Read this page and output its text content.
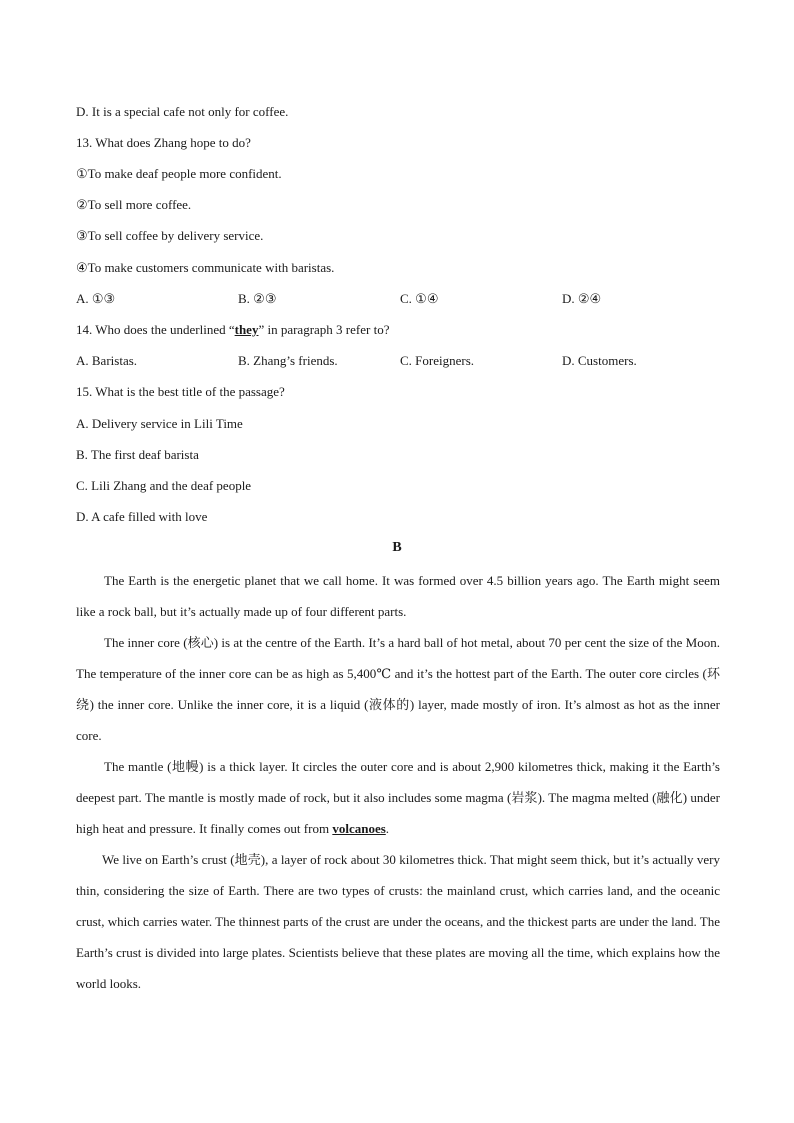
D. It is a special cafe not only for coffee.
13. What does Zhang hope to do?
①To make deaf people more confident.
②To sell more coffee.
③To sell coffee by delivery service.
④To make customers communicate with baristas.
A. ①③	B. ②③	C. ①④	D. ②④
14. Who does the underlined “they” in paragraph 3 refer to?
A. Baristas.	B. Zhang’s friends.	C. Foreigners.	D. Customers.
15. What is the best title of the passage?
A. Delivery service in Lili Time
B. The first deaf barista
C. Lili Zhang and the deaf people
D. A cafe filled with love
B

The Earth is the energetic planet that we call home. It was formed over 4.5 billion years ago. The Earth might seem like a rock ball, but it’s actually made up of four different parts.

The inner core (核心) is at the centre of the Earth. It’s a hard ball of hot metal, about 70 per cent the size of the Moon. The temperature of the inner core can be as high as 5,400℃ and it’s the hottest part of the Earth. The outer core circles (环绕) the inner core. Unlike the inner core, it is a liquid (液体的) layer, made mostly of iron. It’s almost as hot as the inner core.

The mantle (地幔) is a thick layer. It circles the outer core and is about 2,900 kilometres thick, making it the Earth’s deepest part. The mantle is mostly made of rock, but it also includes some magma (岩浆). The magma melted (融化) under high heat and pressure. It finally comes out from volcanoes.

We live on Earth’s crust (地壳), a layer of rock about 30 kilometres thick. That might seem thick, but it’s actually very thin, considering the size of Earth. There are two types of crusts: the mainland crust, which carries land, and the oceanic crust, which carries water. The thinnest parts of the crust are under the oceans, and the thickest parts are under the land. The Earth’s crust is divided into large plates. Scientists believe that these plates are moving all the time, which explains how the world looks.
